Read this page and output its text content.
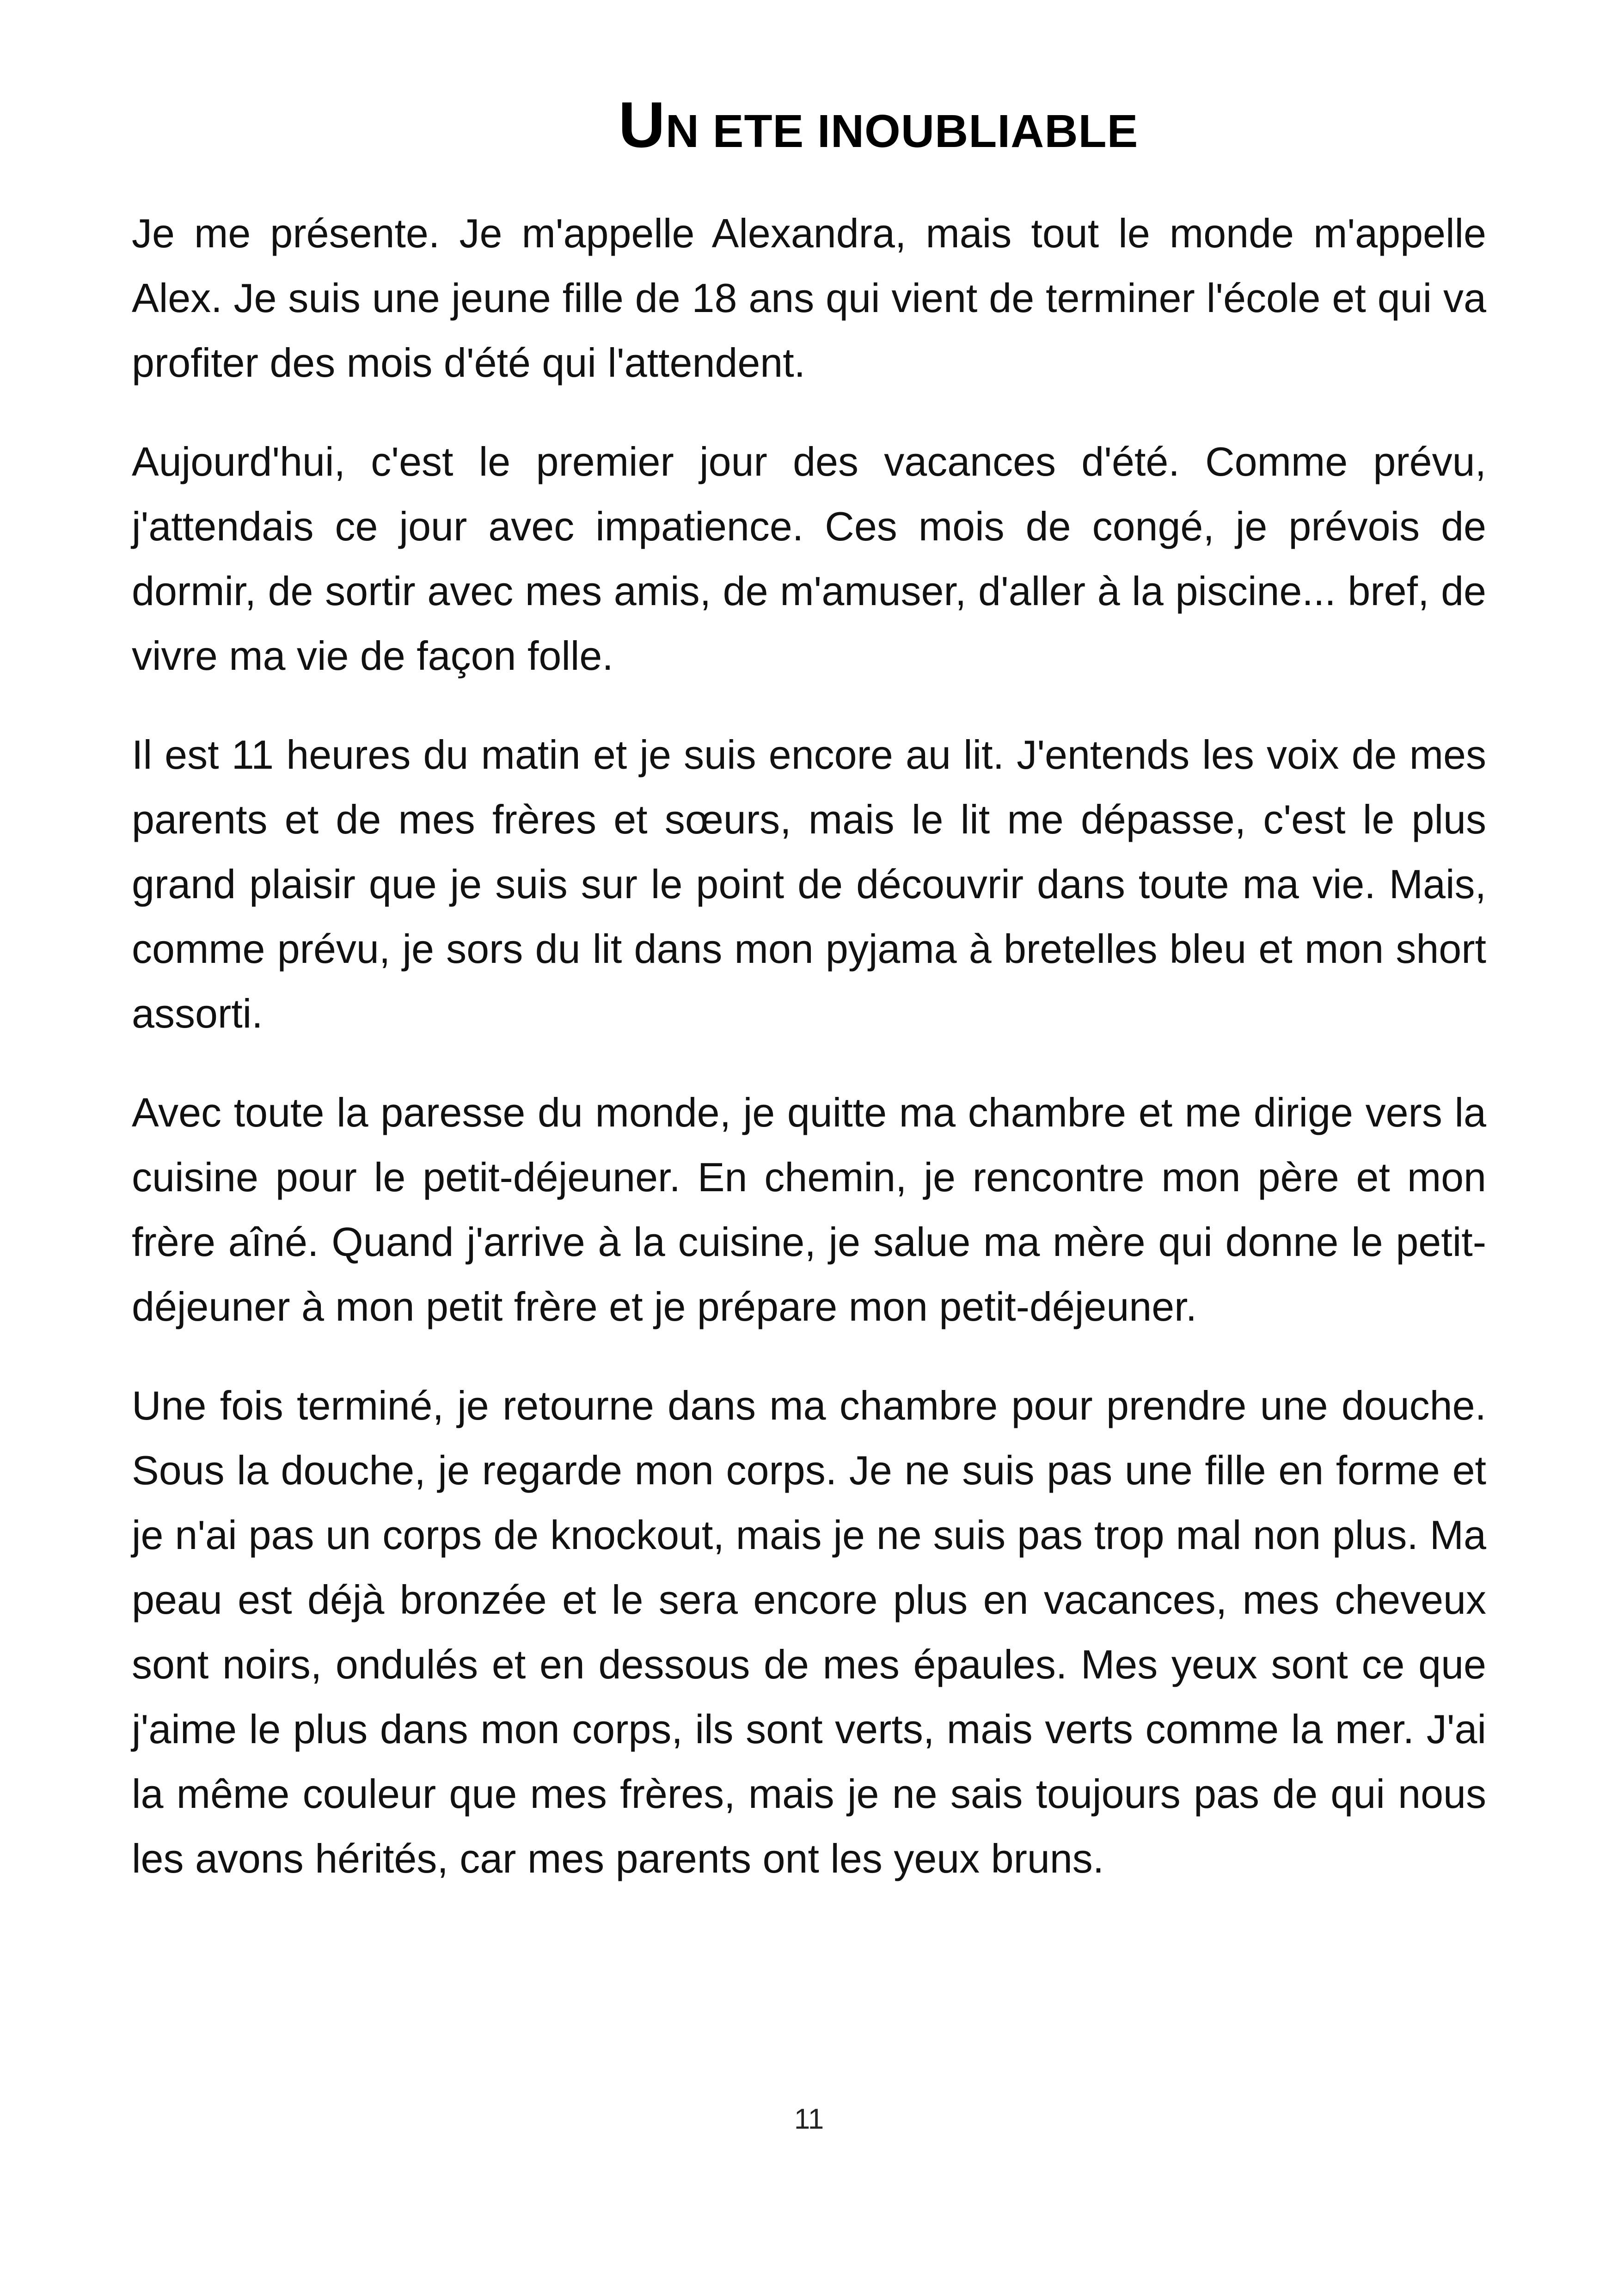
UN ETE INOUBLIABLE

Je me présente. Je m'appelle Alexandra, mais tout le monde m'appelle Alex. Je suis une jeune fille de 18 ans qui vient de terminer l'école et qui va profiter des mois d'été qui l'attendent.

Aujourd'hui, c'est le premier jour des vacances d'été. Comme prévu, j'attendais ce jour avec impatience. Ces mois de congé, je prévois de dormir, de sortir avec mes amis, de m'amuser, d'aller à la piscine... bref, de vivre ma vie de façon folle.

Il est 11 heures du matin et je suis encore au lit. J'entends les voix de mes parents et de mes frères et sœurs, mais le lit me dépasse, c'est le plus grand plaisir que je suis sur le point de découvrir dans toute ma vie. Mais, comme prévu, je sors du lit dans mon pyjama à bretelles bleu et mon short assorti.

Avec toute la paresse du monde, je quitte ma chambre et me dirige vers la cuisine pour le petit-déjeuner. En chemin, je rencontre mon père et mon frère aîné. Quand j'arrive à la cuisine, je salue ma mère qui donne le petit-déjeuner à mon petit frère et je prépare mon petit-déjeuner.

Une fois terminé, je retourne dans ma chambre pour prendre une douche. Sous la douche, je regarde mon corps. Je ne suis pas une fille en forme et je n'ai pas un corps de knockout, mais je ne suis pas trop mal non plus. Ma peau est déjà bronzée et le sera encore plus en vacances, mes cheveux sont noirs, ondulés et en dessous de mes épaules. Mes yeux sont ce que j'aime le plus dans mon corps, ils sont verts, mais verts comme la mer. J'ai la même couleur que mes frères, mais je ne sais toujours pas de qui nous les avons hérités, car mes parents ont les yeux bruns.

11
